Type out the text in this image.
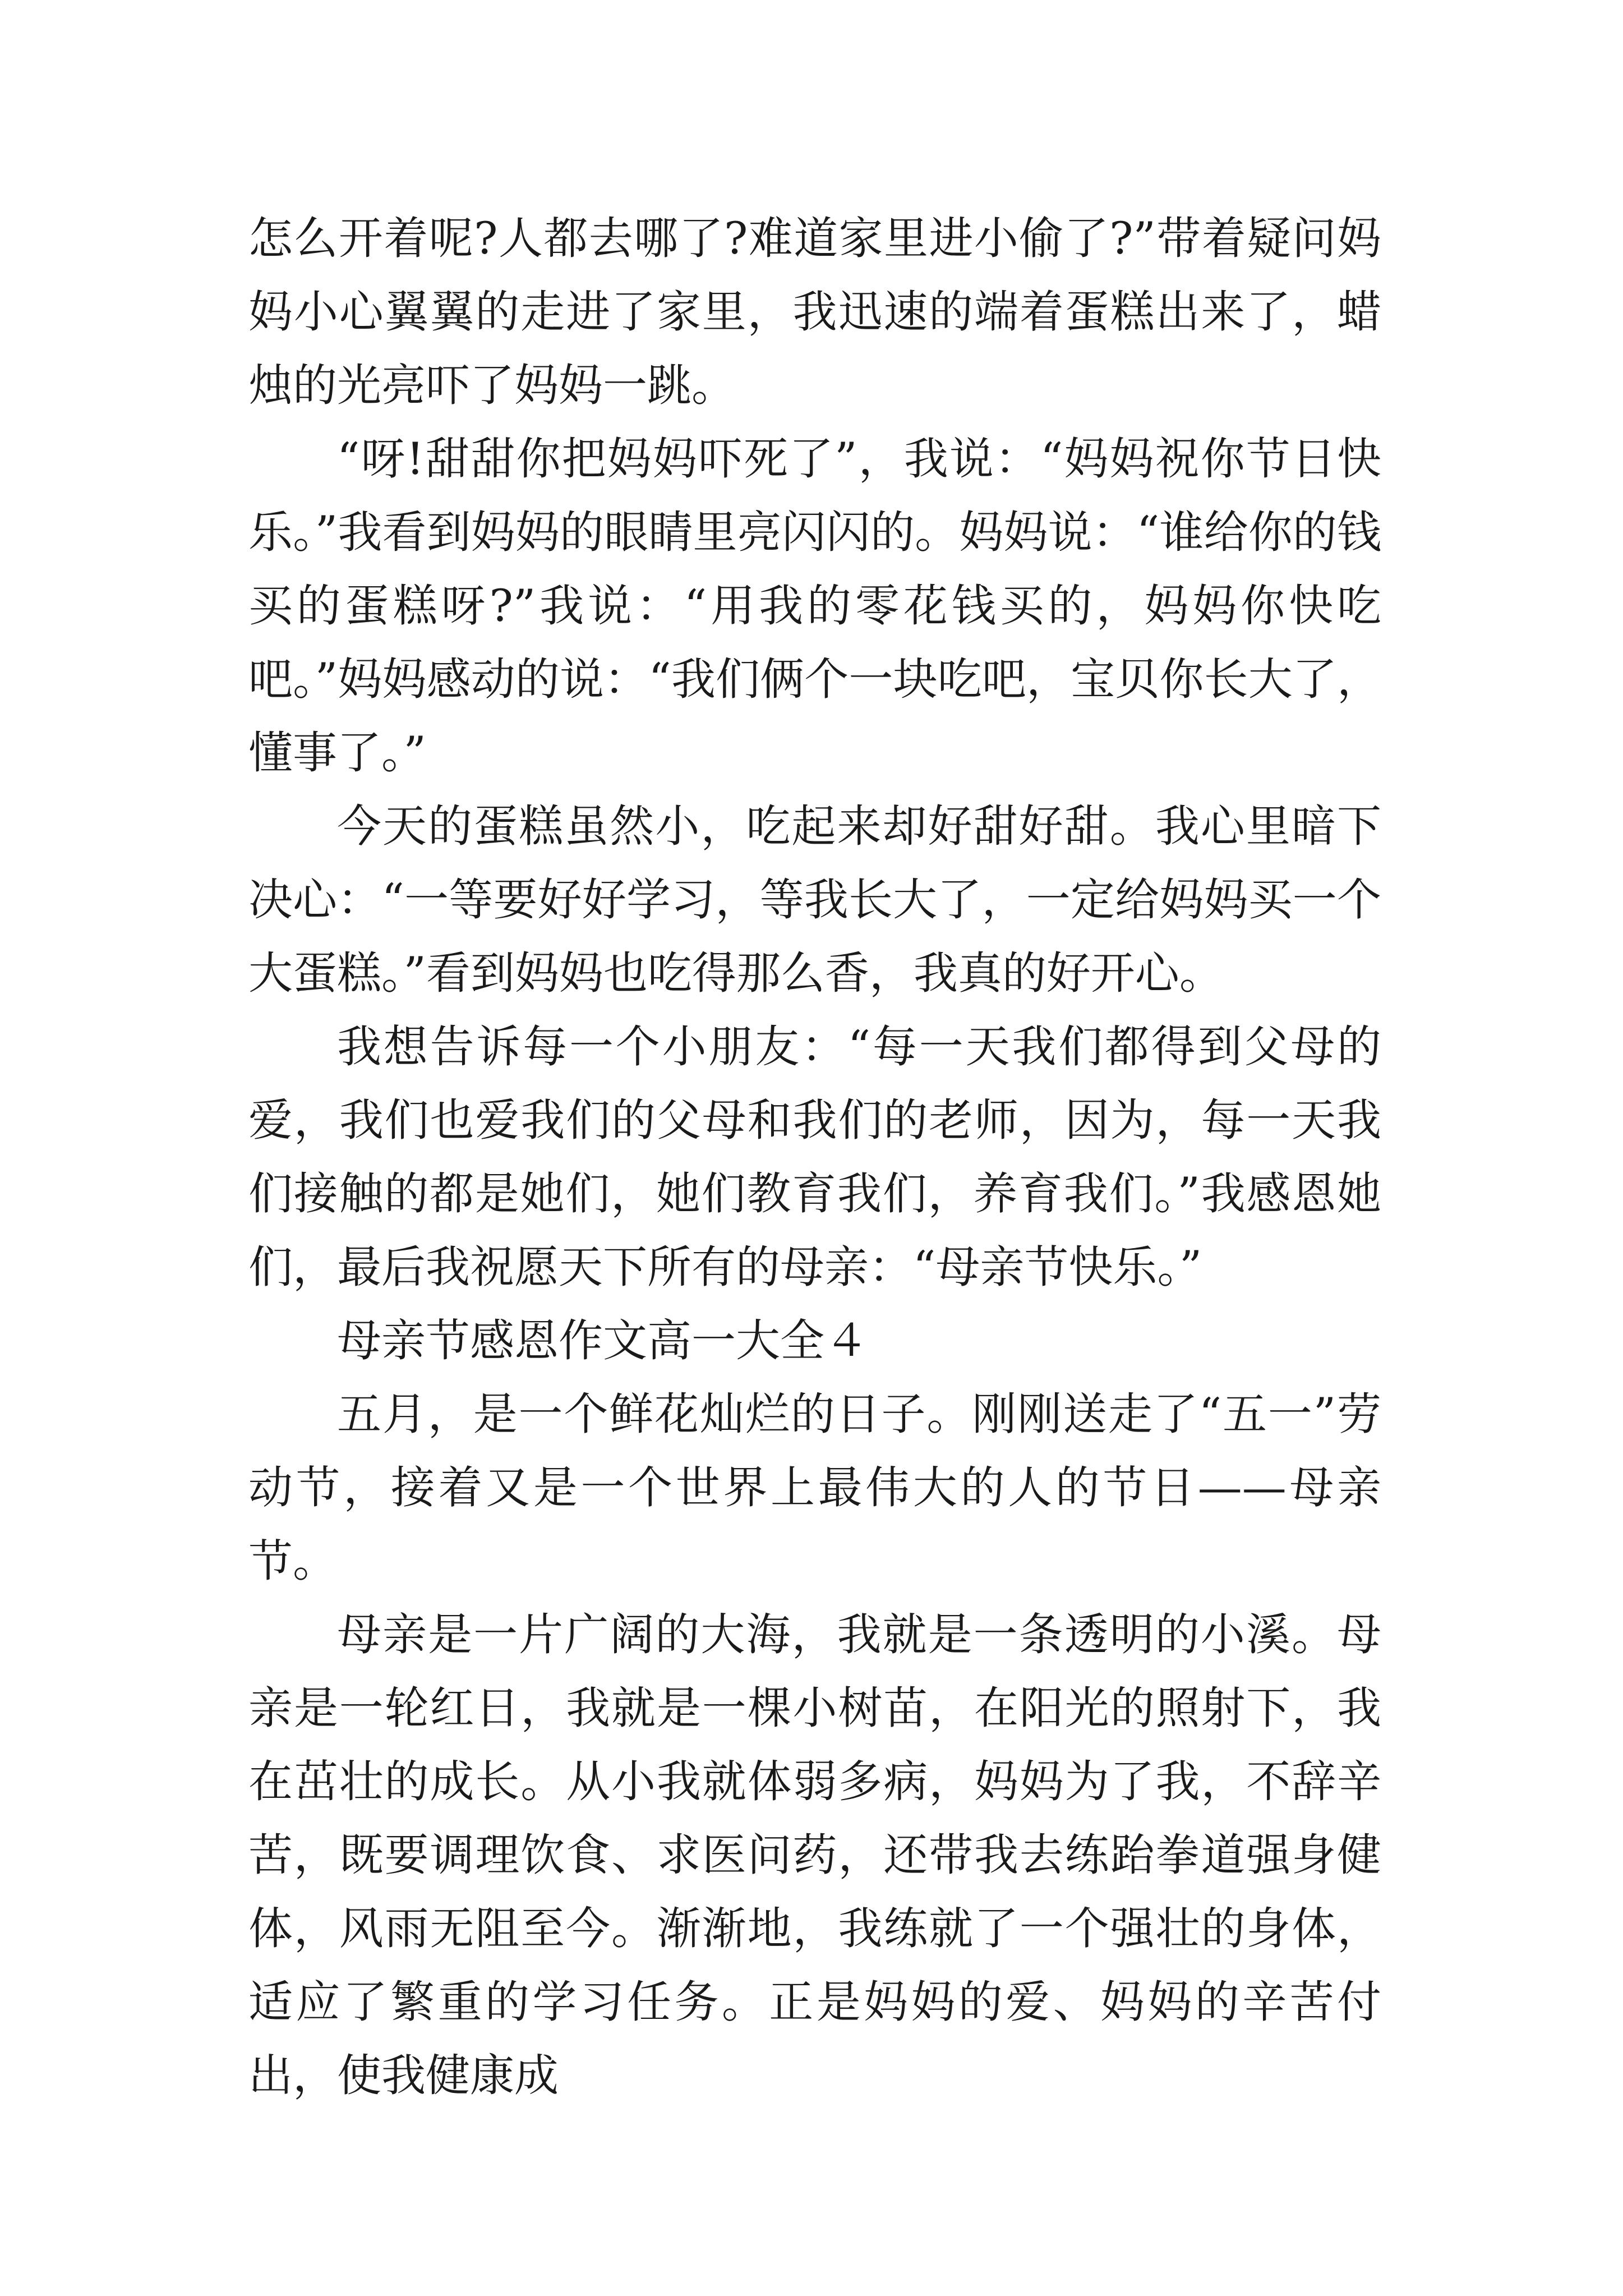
怎么开着呢?人都去哪了?难道家里进小偷了?”带着疑问妈妈小心翼翼的走进了家里，我迅速的端着蛋糕出来了，蜡烛的光亮吓了妈妈一跳。

“呀!甜甜你把妈妈吓死了”，我说：“妈妈祝你节日快乐。”我看到妈妈的眼睛里亮闪闪的。妈妈说：“谁给你的钱买的蛋糕呀?”我说：“用我的零花钱买的，妈妈你快吃吧。”妈妈感动的说：“我们俩个一块吃吧，宝贝你长大了，懂事了。”

今天的蛋糕虽然小，吃起来却好甜好甜。我心里暗下决心：“一等要好好学习，等我长大了，一定给妈妈买一个大蛋糕。”看到妈妈也吃得那么香，我真的好开心。

我想告诉每一个小朋友：“每一天我们都得到父母的爱，我们也爱我们的父母和我们的老师，因为，每一天我们接触的都是她们，她们教育我们，养育我们。”我感恩她们，最后我祝愿天下所有的母亲：“母亲节快乐。”

母亲节感恩作文高一大全４

五月，是一个鲜花灿烂的日子。刚刚送走了“五一”劳动节，接着又是一个世界上最伟大的人的节日——母亲节。

母亲是一片广阔的大海，我就是一条透明的小溪。母亲是一轮红日，我就是一棵小树苗，在阳光的照射下，我在茁壮的成长。从小我就体弱多病，妈妈为了我，不辞辛苦，既要调理饮食、求医问药，还带我去练跆拳道强身健体，风雨无阻至今。渐渐地，我练就了一个强壮的身体，适应了繁重的学习任务。正是妈妈的爱、妈妈的辛苦付出，使我健康成
